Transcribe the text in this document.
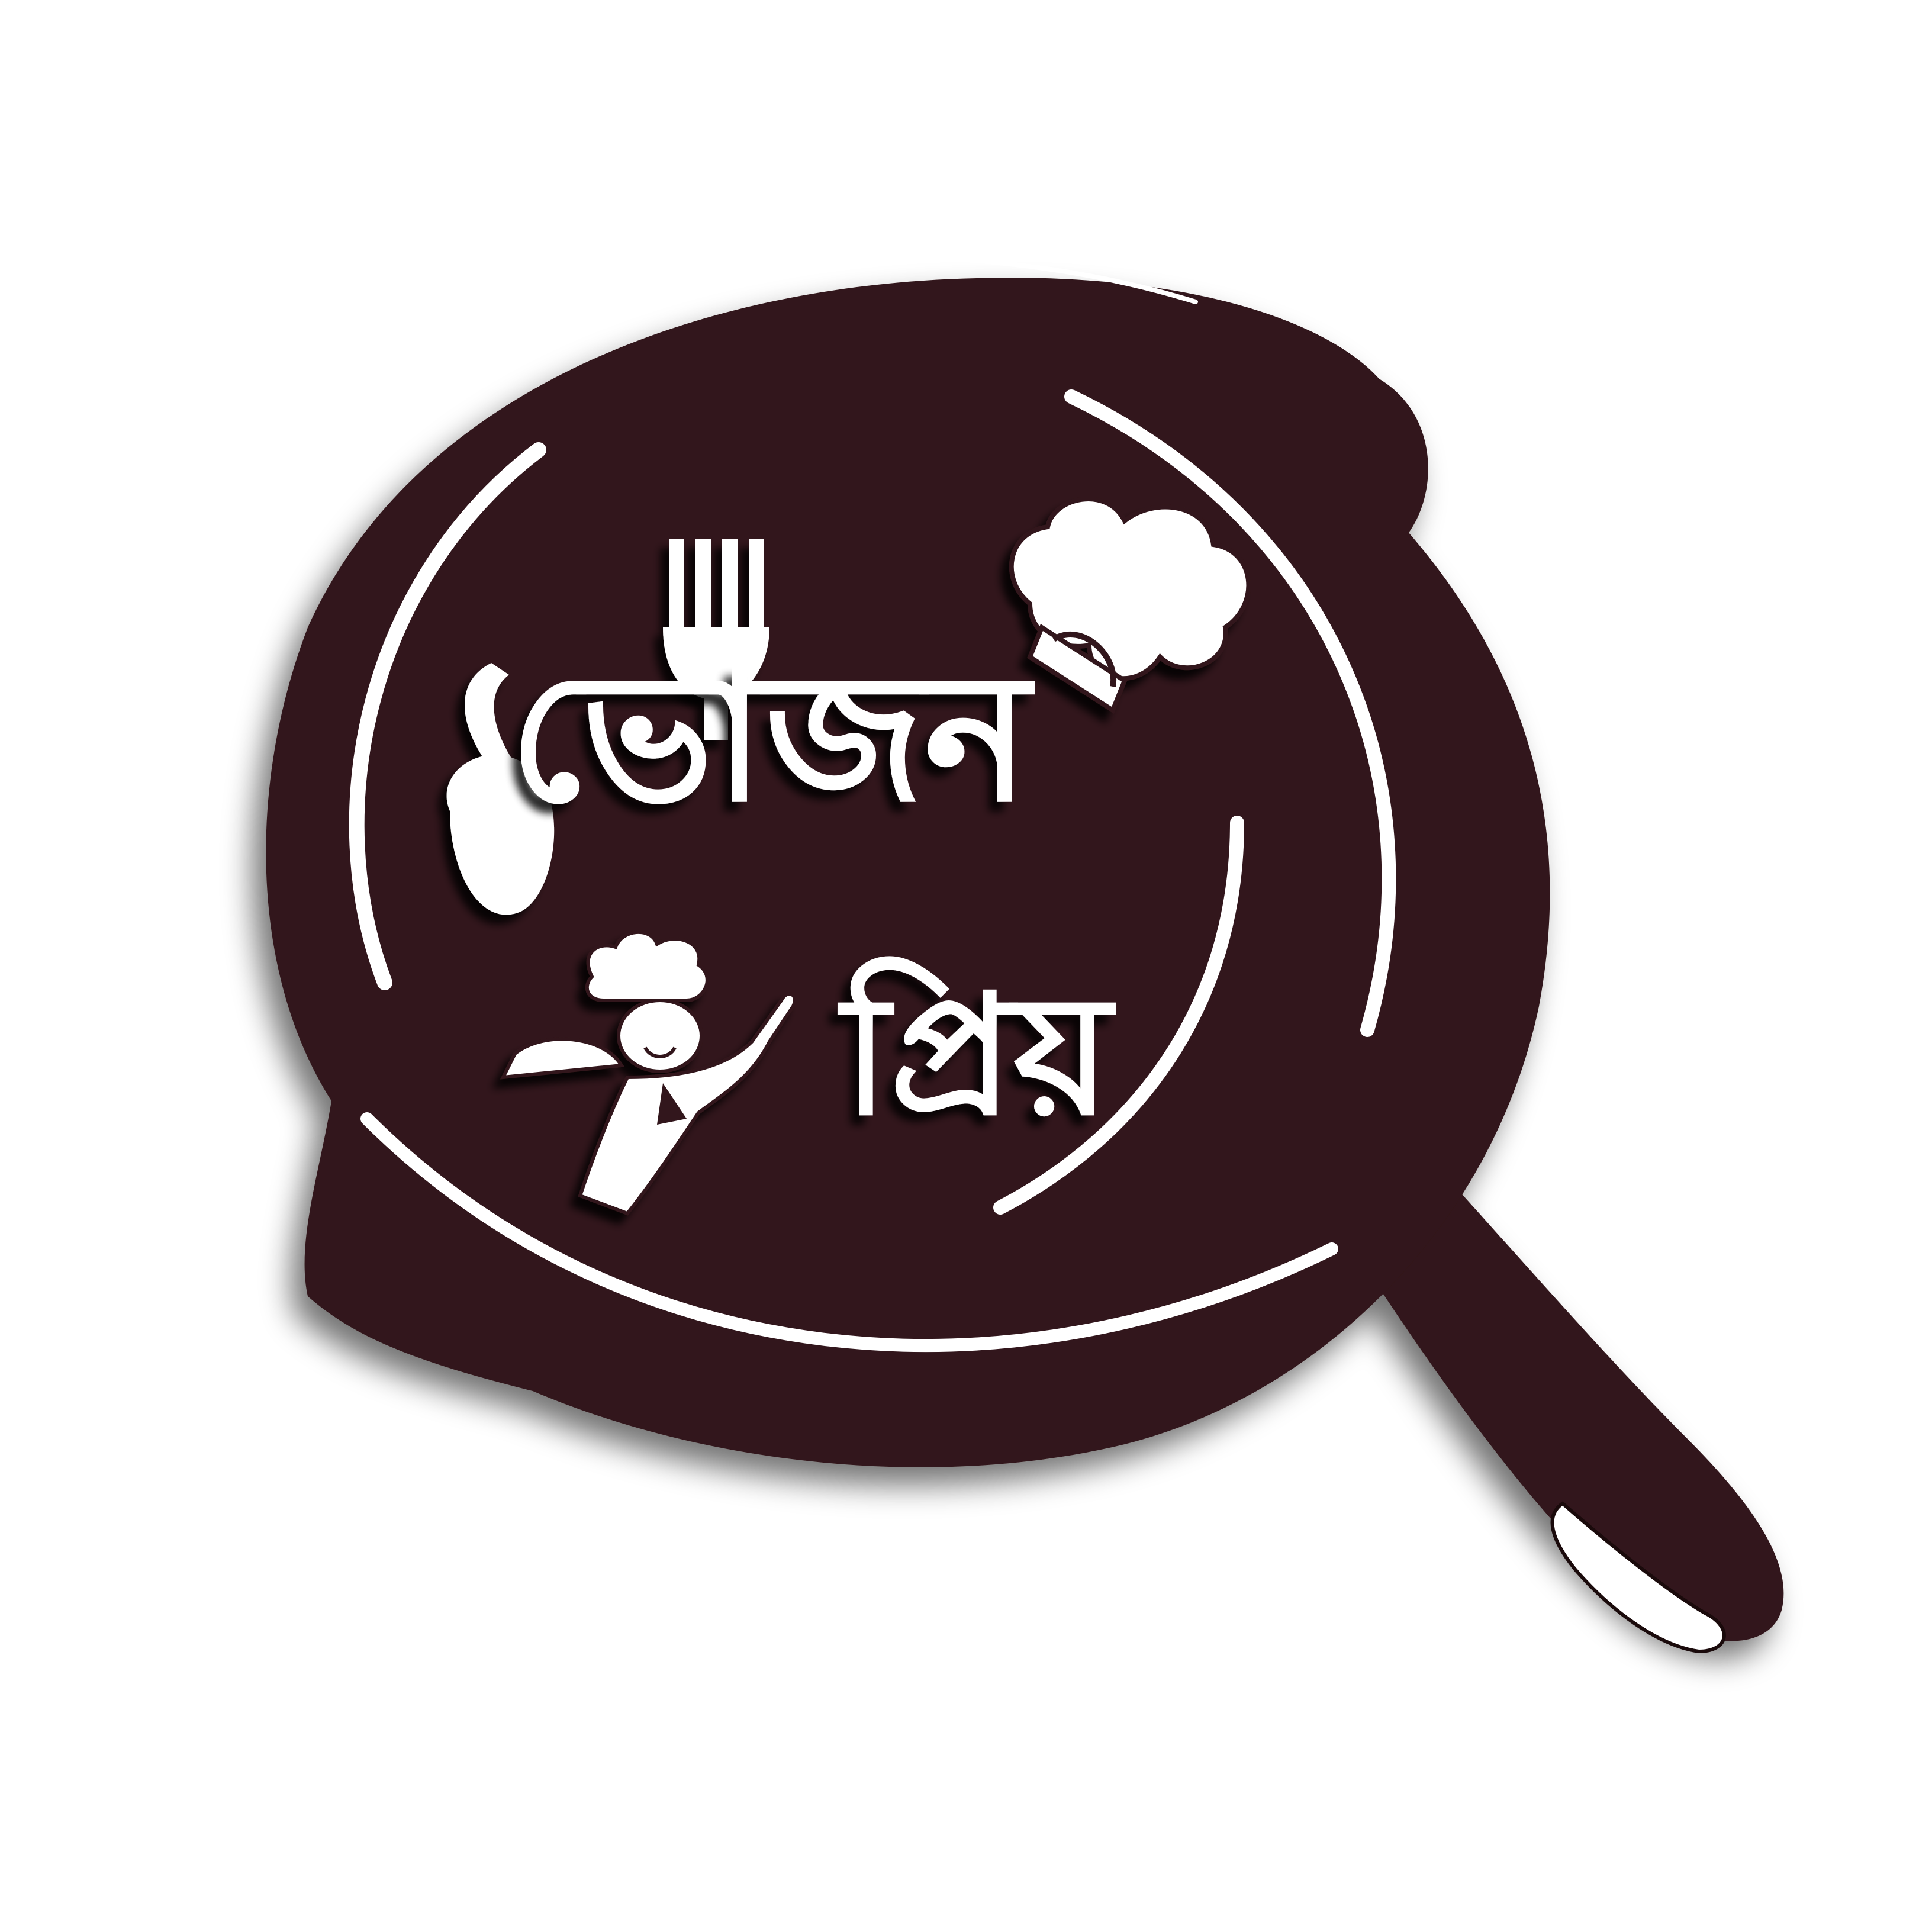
ভোজন
প্রিয়
